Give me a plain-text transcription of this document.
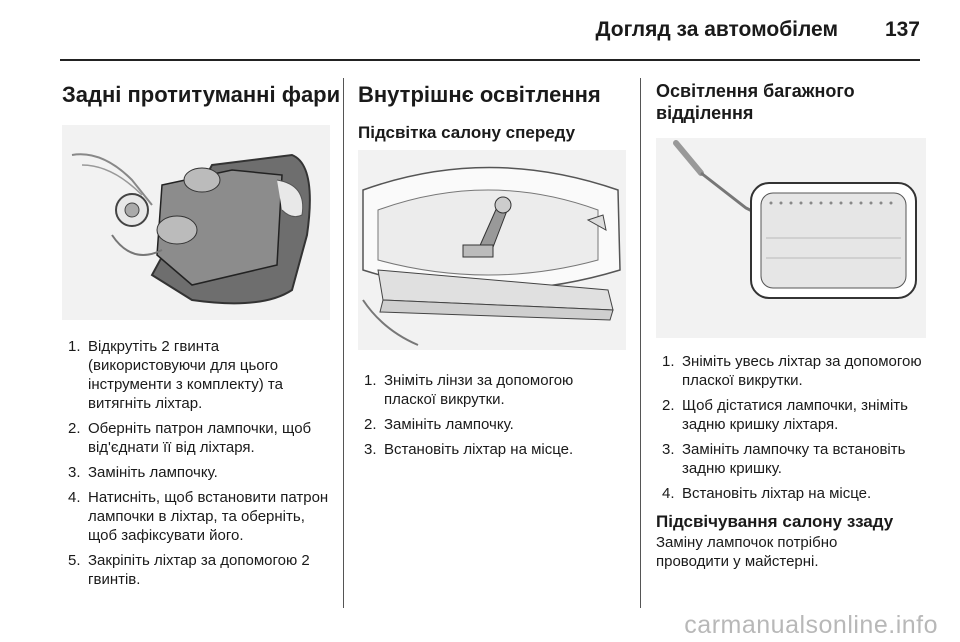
Догляд за автомобілем 137
Задні протитуманні фари
1. Відкрутіть 2 гвинта (використовуючи для цього інструменти з комплекту) та витягніть ліхтар.
2. Оберніть патрон лампочки, щоб від'єднати її від ліхтаря.
3. Замініть лампочку.
4. Натисніть, щоб встановити патрон лампочки в ліхтар, та оберніть, щоб зафіксувати його.
5. Закріпіть ліхтар за допомогою 2 гвинтів.
Внутрішнє освітлення
Підсвітка салону спереду
1. Зніміть лінзи за допомогою пласкої викрутки.
2. Замініть лампочку.
3. Встановіть ліхтар на місце.
Освітлення багажного відділення
1. Зніміть увесь ліхтар за допомогою пласкої викрутки.
2. Щоб дістатися лампочки, зніміть задню кришку ліхтаря.
3. Замініть лампочку та встановіть задню кришку.
4. Встановіть ліхтар на місце.
Підсвічування салону ззаду
Заміну лампочок потрібно проводити у майстерні.
carmanualsonline.info
